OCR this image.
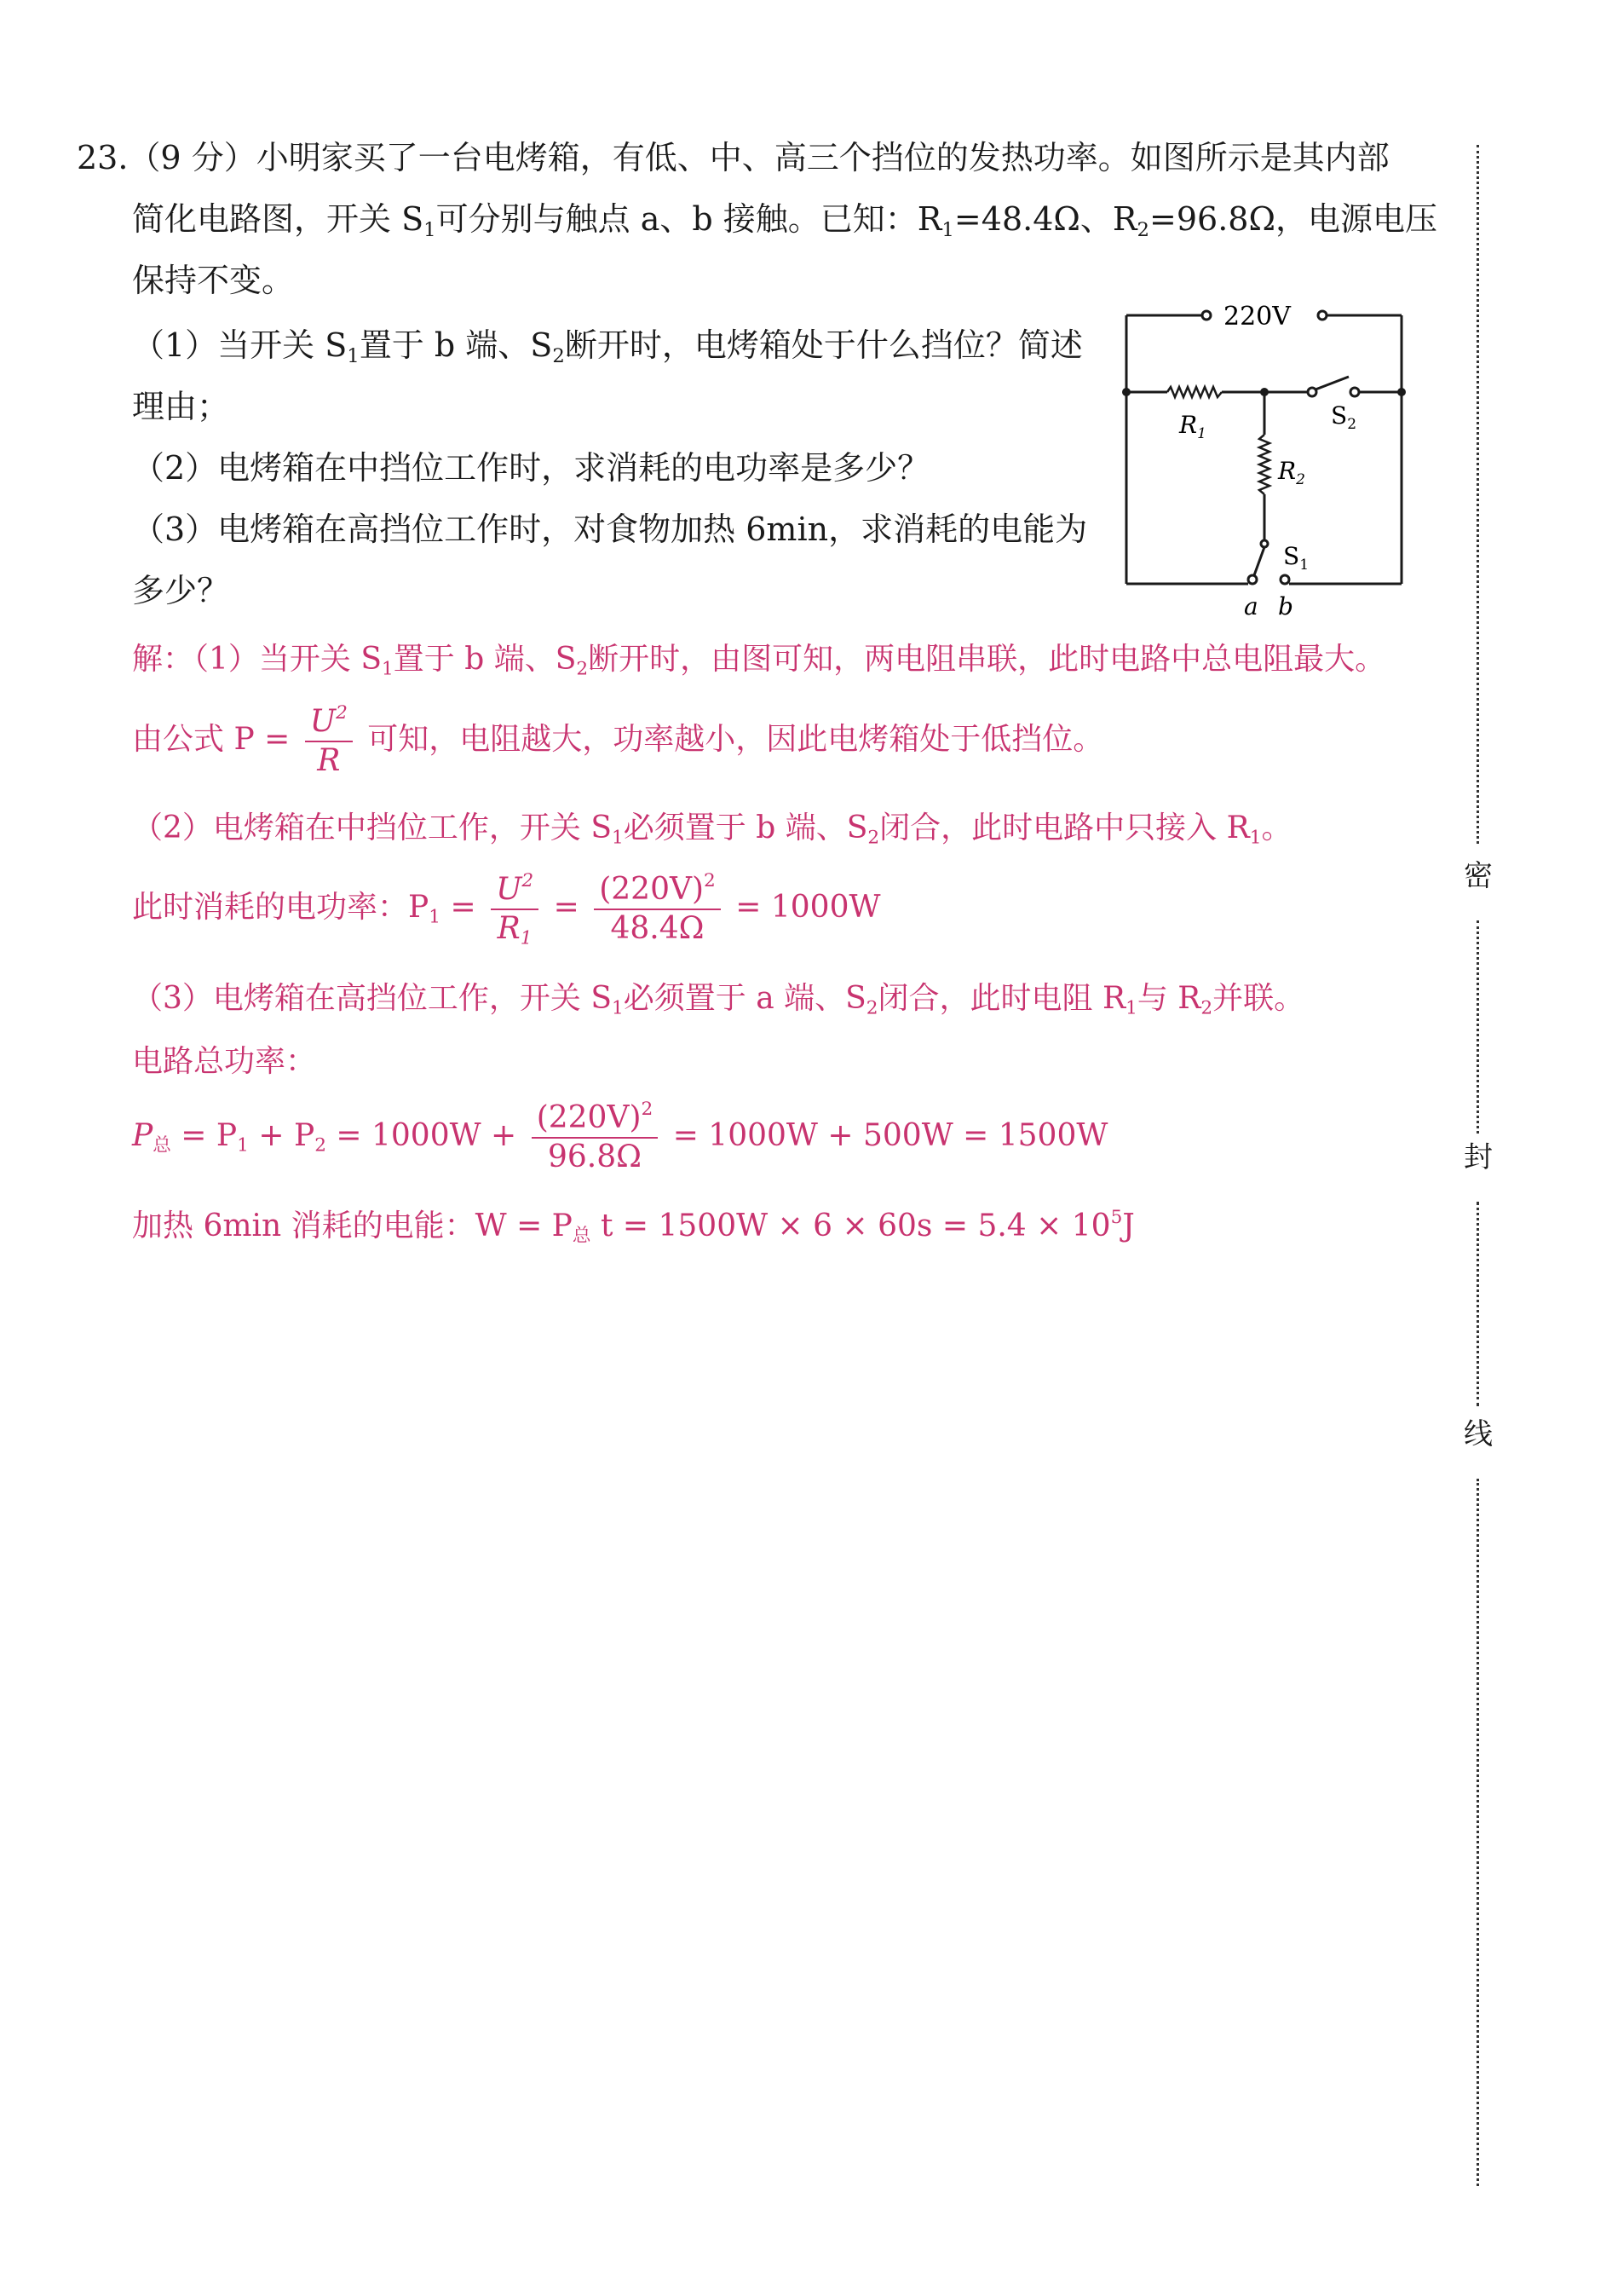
23.（9 分）小明家买了一台电烤箱，有低、中、高三个挡位的发热功率。如图所示是其内部
简化电路图，开关 $S_1$可分别与触点 a、b 接触。已知：$R_1=48.4\Omega$、$R_2=96.8\Omega$，电源电压
保持不变。
（1）当开关 $S_1$置于 b 端、$S_2$断开时，电烤箱处于什么挡位？简述
理由；
（2）电烤箱在中挡位工作时，求消耗的电功率是多少？
（3）电烤箱在高挡位工作时，对食物加热 6min，求消耗的电能为
多少？
220V
$R_1$
$R_2$
$S_2$
$S_1$
a b
解：（1）当开关 $S_1$置于 b 端、$S_2$断开时，由图可知，两电阻串联，此时电路中总电阻最大。
由公式 $P = \frac{U^2}{R}$ 可知，电阻越大，功率越小，因此电烤箱处于低挡位。
（2）电烤箱在中挡位工作，开关 $S_1$必须置于 b 端、$S_2$闭合，此时电路中只接入 $R_1$。
此时消耗的电功率：$P_1 = \frac{U^2}{R_1} = \frac{(220V)^2}{48.4\Omega} = 1000W$
（3）电烤箱在高挡位工作，开关 $S_1$必须置于 a 端、$S_2$闭合，此时电阻 $R_1$与 $R_2$并联。
电路总功率：
$P_总 = P_1 + P_2 = 1000W + \frac{(220V)^2}{96.8\Omega} = 1000W + 500W = 1500W$
加热 6min 消耗的电能：$W = P_总$ $t = 1500W \times 6 \times 60s = 5.4 \times 10^5J$
密
封
线
